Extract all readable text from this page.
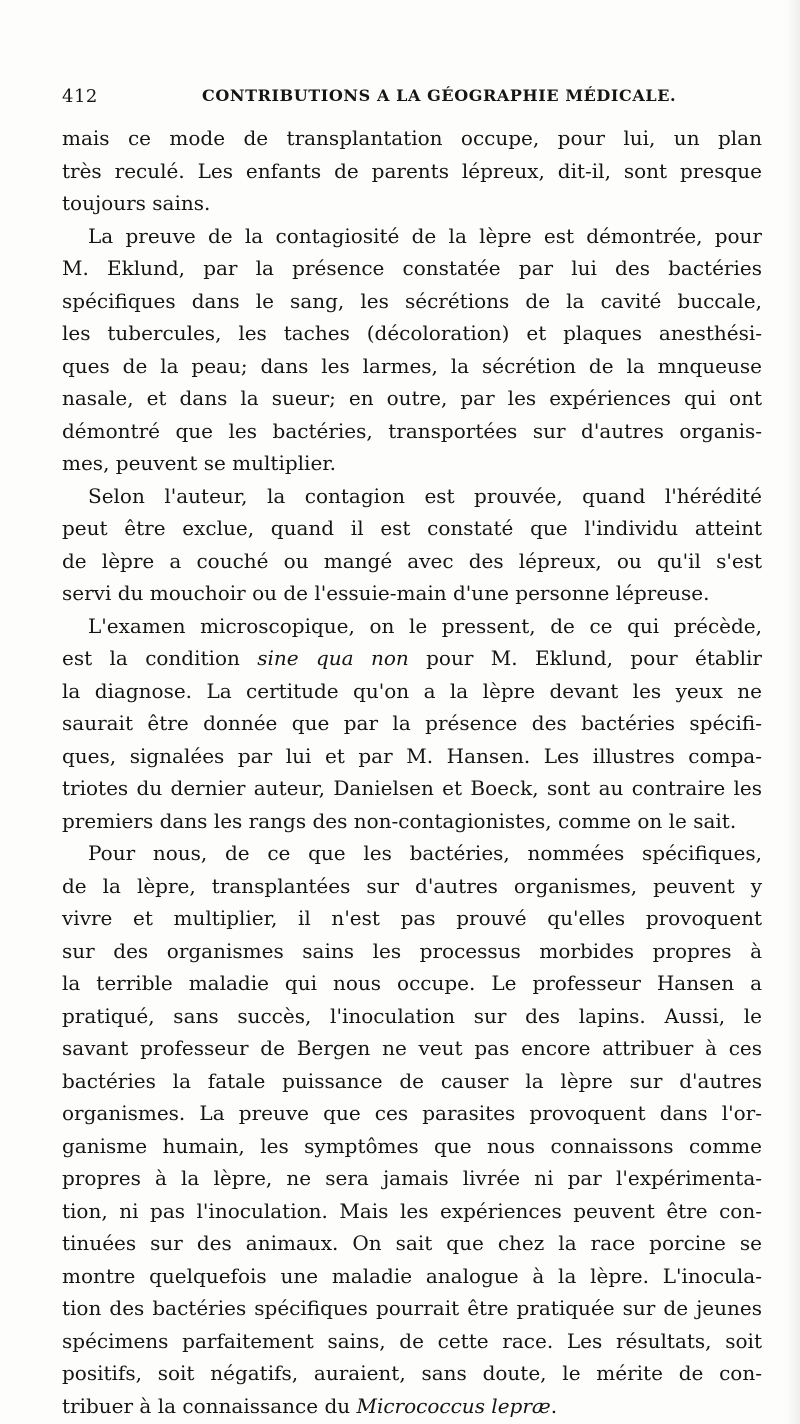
412	CONTRIBUTIONS A LA GÉOGRAPHIE MÉDICALE.
mais ce mode de transplantation occupe, pour lui, un plan
très reculé. Les enfants de parents lépreux, dit-il, sont presque
toujours sains.
La preuve de la contagiosité de la lèpre est démontrée, pour
M. Eklund, par la présence constatée par lui des bactéries
spécifiques dans le sang, les sécrétions de la cavité buccale,
les tubercules, les taches (décoloration) et plaques anesthési-
ques de la peau; dans les larmes, la sécrétion de la mnqueuse
nasale, et dans la sueur; en outre, par les expériences qui ont
démontré que les bactéries, transportées sur d'autres organis-
mes, peuvent se multiplier.
Selon l'auteur, la contagion est prouvée, quand l'hérédité
peut être exclue, quand il est constaté que l'individu atteint
de lèpre a couché ou mangé avec des lépreux, ou qu'il s'est
servi du mouchoir ou de l'essuie-main d'une personne lépreuse.
L'examen microscopique, on le pressent, de ce qui précède,
est la condition sine qua non pour M. Eklund, pour établir
la diagnose. La certitude qu'on a la lèpre devant les yeux ne
saurait être donnée que par la présence des bactéries spécifi-
ques, signalées par lui et par M. Hansen. Les illustres compa-
triotes du dernier auteur, Danielsen et Boeck, sont au contraire les
premiers dans les rangs des non-contagionistes, comme on le sait.
Pour nous, de ce que les bactéries, nommées spécifiques,
de la lèpre, transplantées sur d'autres organismes, peuvent y
vivre et multiplier, il n'est pas prouvé qu'elles provoquent
sur des organismes sains les processus morbides propres à
la terrible maladie qui nous occupe. Le professeur Hansen a
pratiqué, sans succès, l'inoculation sur des lapins. Aussi, le
savant professeur de Bergen ne veut pas encore attribuer à ces
bactéries la fatale puissance de causer la lèpre sur d'autres
organismes. La preuve que ces parasites provoquent dans l'or-
ganisme humain, les symptômes que nous connaissons comme
propres à la lèpre, ne sera jamais livrée ni par l'expérimenta-
tion, ni pas l'inoculation. Mais les expériences peuvent être con-
tinuées sur des animaux. On sait que chez la race porcine se
montre quelquefois une maladie analogue à la lèpre. L'inocula-
tion des bactéries spécifiques pourrait être pratiquée sur de jeunes
spécimens parfaitement sains, de cette race. Les résultats, soit
positifs, soit négatifs, auraient, sans doute, le mérite de con-
tribuer à la connaissance du Micrococcus lepræ.
